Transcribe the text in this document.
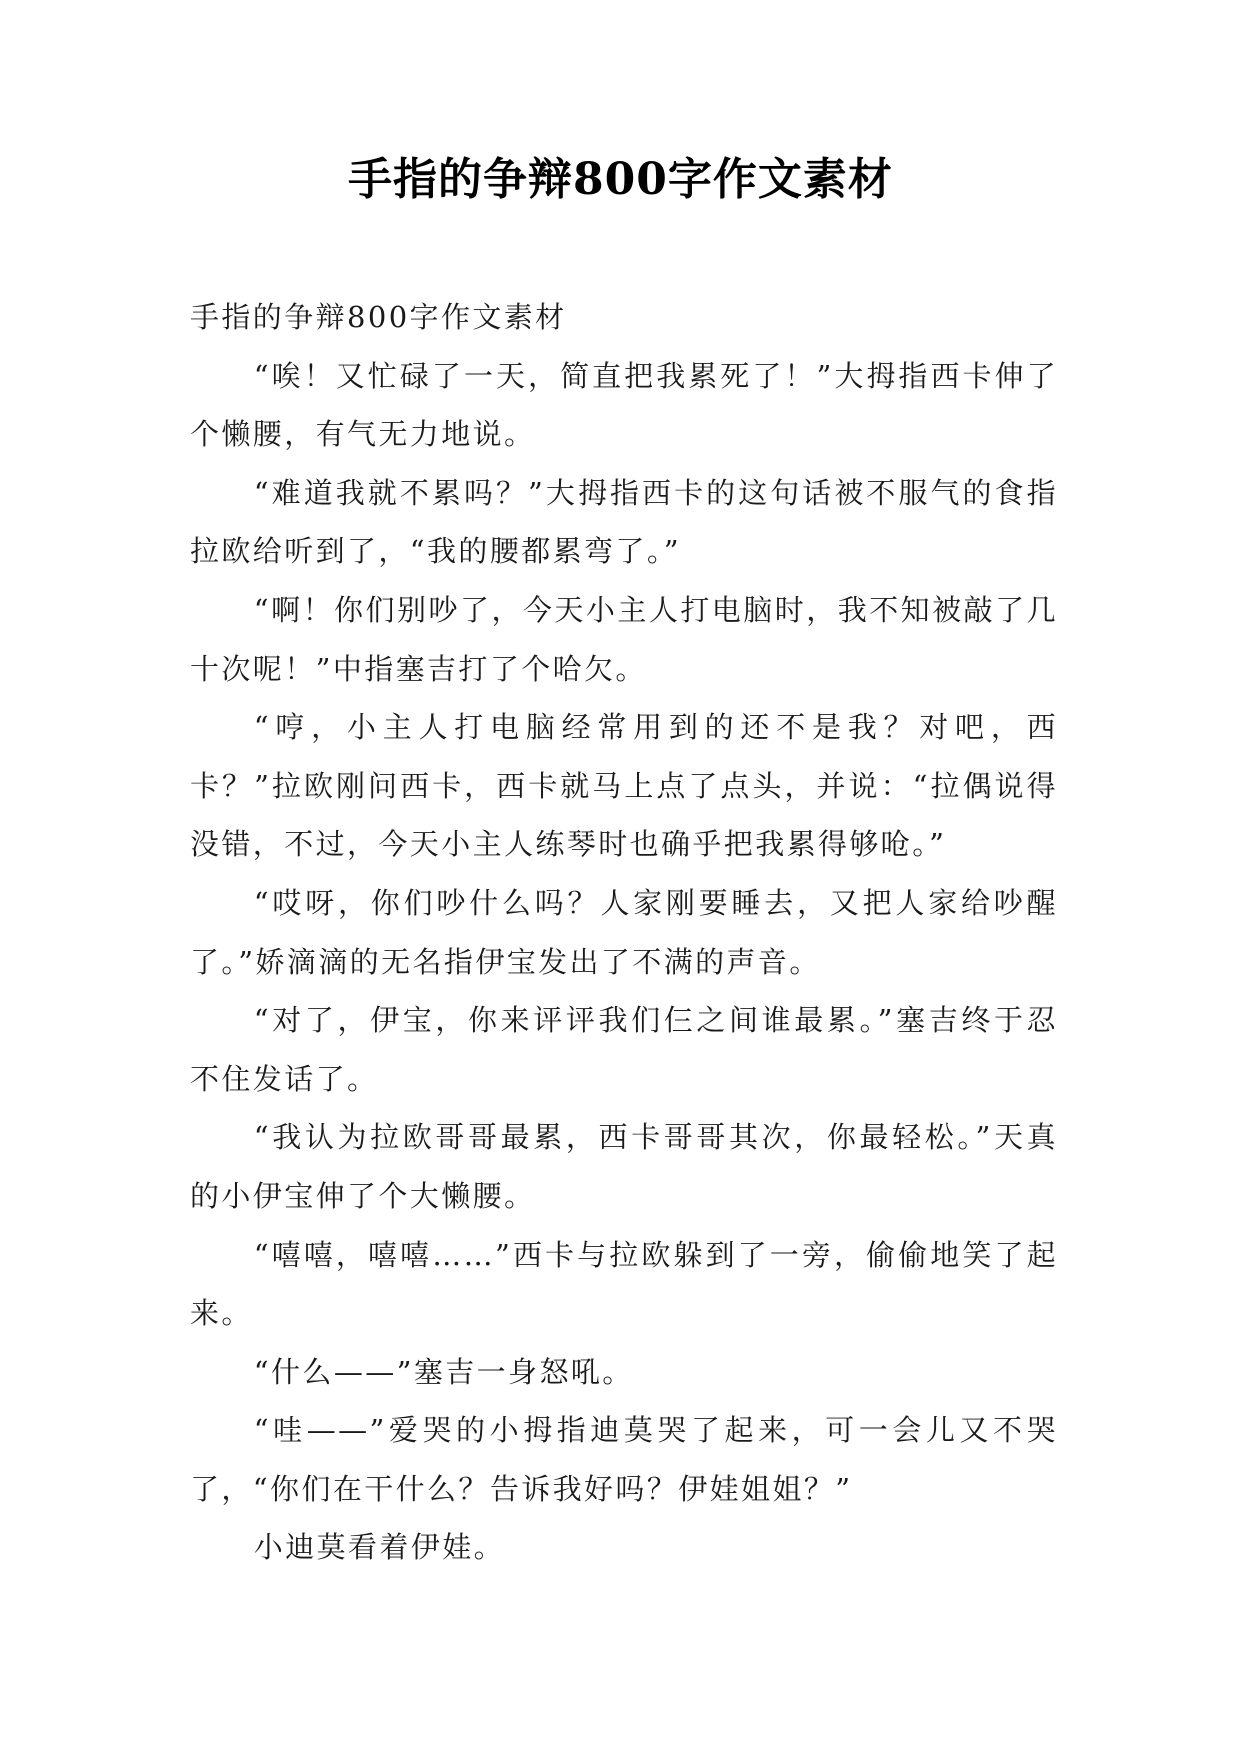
手指的争辩800字作文素材

手指的争辩800字作文素材

“唉！又忙碌了一天，简直把我累死了！”大拇指西卡伸了个懒腰，有气无力地说。

“难道我就不累吗？”大拇指西卡的这句话被不服气的食指拉欧给听到了，“我的腰都累弯了。”

“啊！你们别吵了，今天小主人打电脑时，我不知被敲了几十次呢！”中指塞吉打了个哈欠。

“哼，小主人打电脑经常用到的还不是我？对吧，西卡？”拉欧刚问西卡，西卡就马上点了点头，并说：“拉偶说得没错，不过，今天小主人练琴时也确乎把我累得够呛。”

“哎呀，你们吵什么吗？人家刚要睡去，又把人家给吵醒了。”娇滴滴的无名指伊宝发出了不满的声音。

“对了，伊宝，你来评评我们仨之间谁最累。”塞吉终于忍不住发话了。

“我认为拉欧哥哥最累，西卡哥哥其次，你最轻松。”天真的小伊宝伸了个大懒腰。

“嘻嘻，嘻嘻……”西卡与拉欧躲到了一旁，偷偷地笑了起来。

“什么——”塞吉一身怒吼。

“哇——”爱哭的小拇指迪莫哭了起来，可一会儿又不哭了，“你们在干什么？告诉我好吗？伊娃姐姐？”

小迪莫看着伊娃。
